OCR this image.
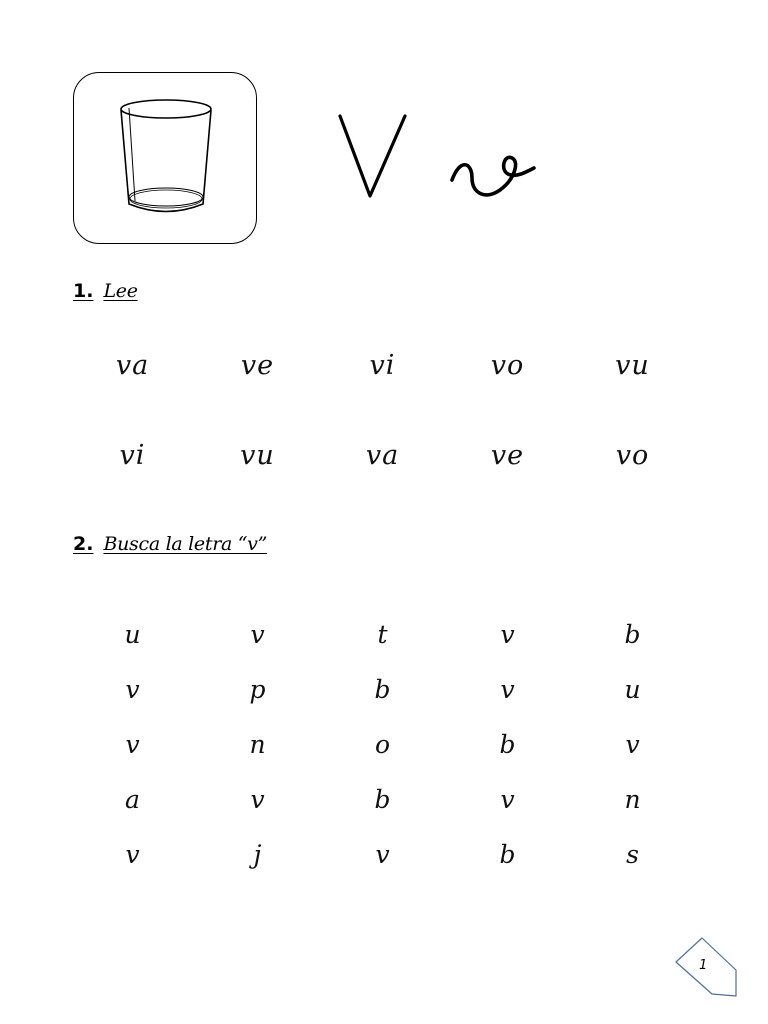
1. Lee
va	ve	vi	vo	vu
vi	vu	va	ve	vo
2. Busca la letra “v”
u	v	t	v	b
v	p	b	v	u
v	n	o	b	v
a	v	b	v	n
v	j	v	b	s
1
